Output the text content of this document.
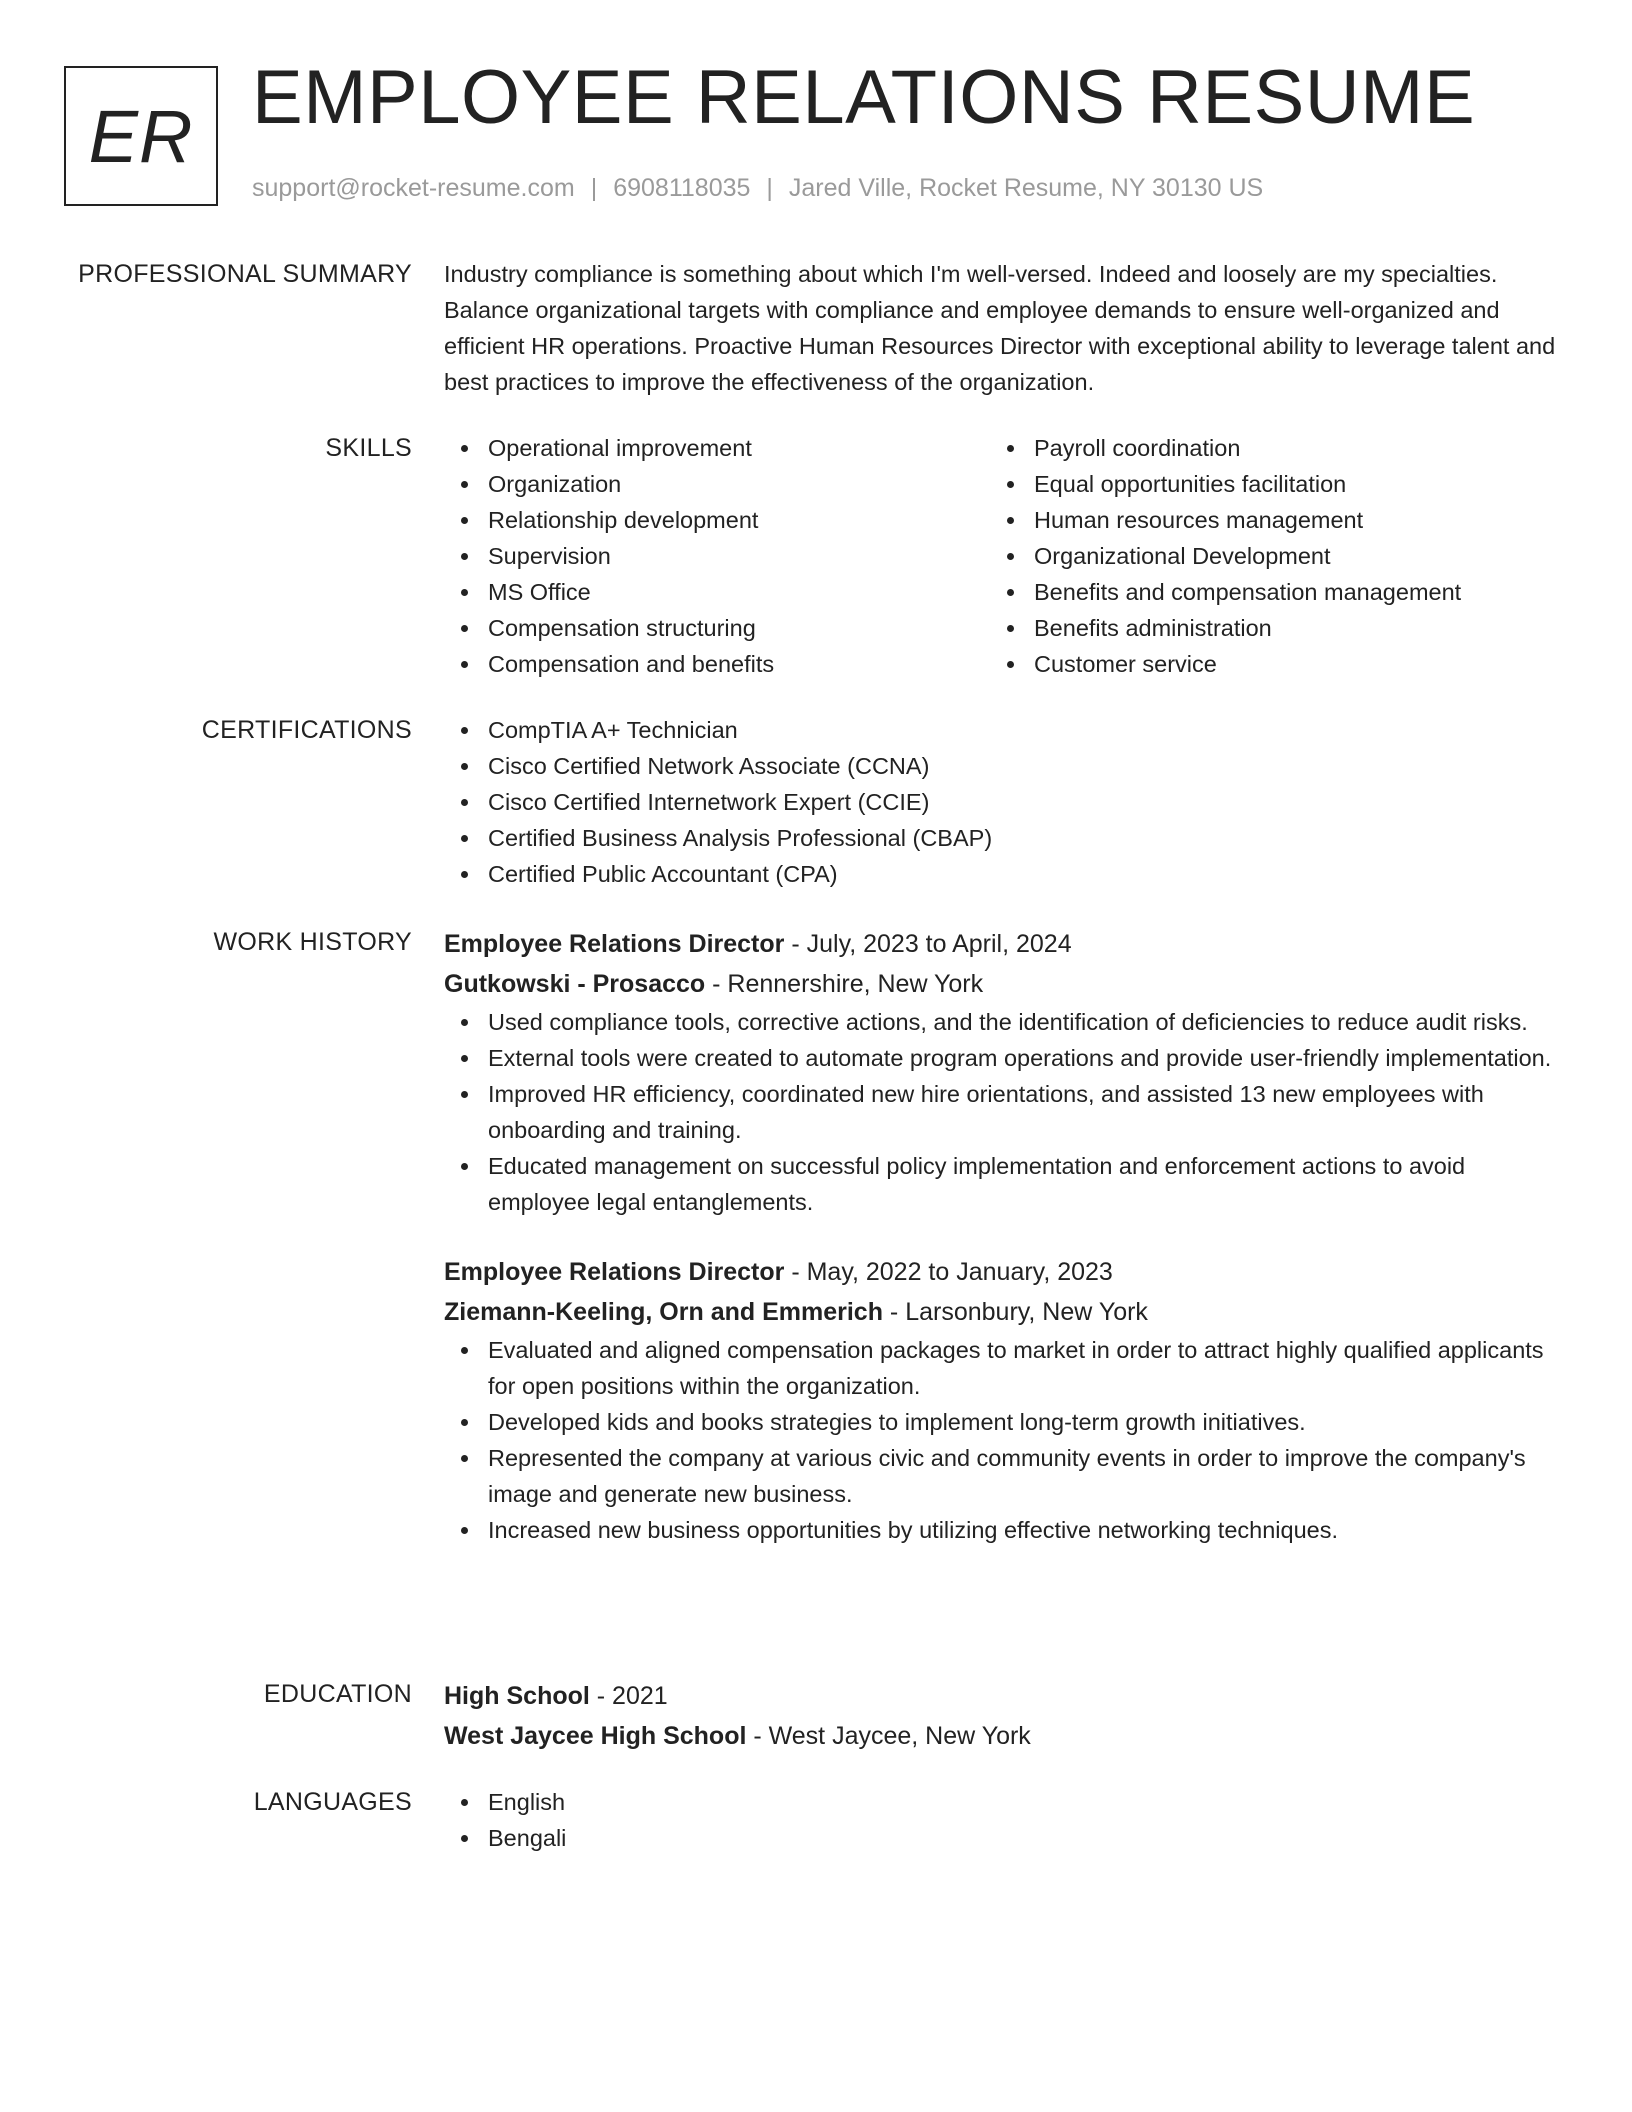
ER EMPLOYEE RELATIONS RESUME
support@rocket-resume.com | 6908118035 | Jared Ville, Rocket Resume, NY 30130 US
PROFESSIONAL SUMMARY Industry compliance is something about which I'm well-versed. Indeed and loosely are my specialties. Balance organizational targets with compliance and employee demands to ensure well-organized and efficient HR operations. Proactive Human Resources Director with exceptional ability to leverage talent and best practices to improve the effectiveness of the organization.

SKILLS	Operational improvement
Organization
Relationship development
Supervision
MS Office
Compensation structuring
Compensation and benefits
Payroll coordination
Equal opportunities facilitation
Human resources management
Organizational Development
Benefits and compensation management
Benefits administration
Customer service
CERTIFICATIONS	CompTIA A+ Technician
Cisco Certified Network Associate (CCNA)
Cisco Certified Internetwork Expert (CCIE)
Certified Business Analysis Professional (CBAP)
Certified Public Accountant (CPA)
WORK HISTORY Employee Relations Director - July, 2023 to April, 2024
Gutkowski - Prosacco - Rennershire, New York
Used compliance tools, corrective actions, and the identification of deficiencies to reduce audit risks.
External tools were created to automate program operations and provide user-friendly implementation.
Improved HR efficiency, coordinated new hire orientations, and assisted 13 new employees with onboarding and training.
Educated management on successful policy implementation and enforcement actions to avoid employee legal entanglements.
Employee Relations Director - May, 2022 to January, 2023
Ziemann-Keeling, Orn and Emmerich - Larsonbury, New York
Evaluated and aligned compensation packages to market in order to attract highly qualified applicants for open positions within the organization.
Developed kids and books strategies to implement long-term growth initiatives.
Represented the company at various civic and community events in order to improve the company's image and generate new business.
Increased new business opportunities by utilizing effective networking techniques.
EDUCATION High School - 2021
West Jaycee High School - West Jaycee, New York
LANGUAGES	English
Bengali
